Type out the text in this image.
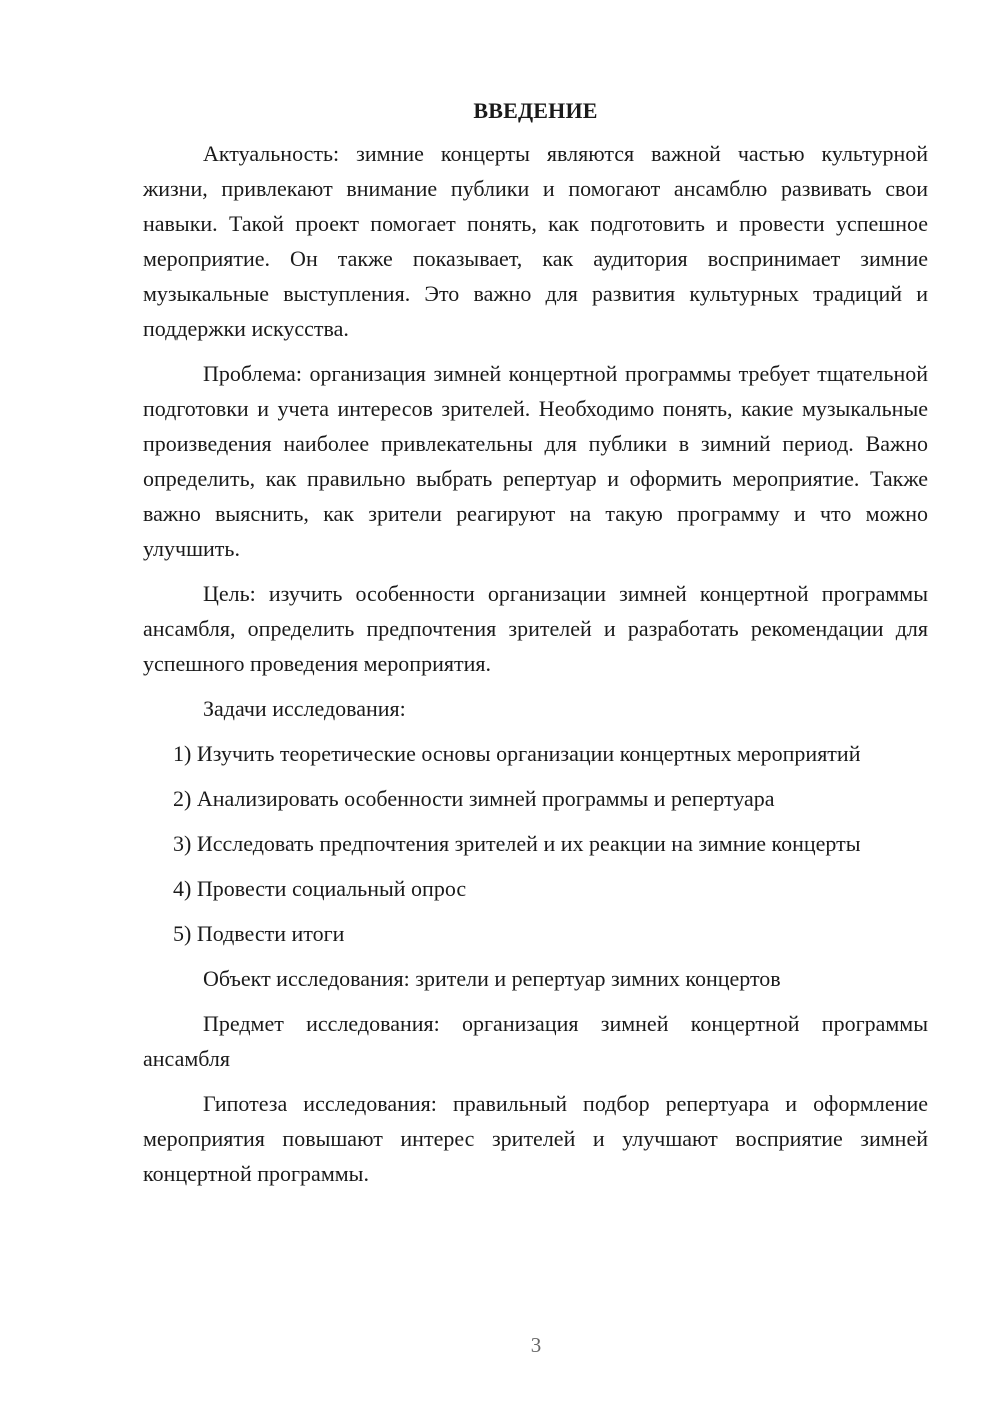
ВВЕДЕНИЕ

Актуальность: зимние концерты являются важной частью культурной жизни, привлекают внимание публики и помогают ансамблю развивать свои навыки. Такой проект помогает понять, как подготовить и провести успешное мероприятие. Он также показывает, как аудитория воспринимает зимние музыкальные выступления. Это важно для развития культурных традиций и поддержки искусства.

Проблема: организация зимней концертной программы требует тщательной подготовки и учета интересов зрителей. Необходимо понять, какие музыкальные произведения наиболее привлекательны для публики в зимний период. Важно определить, как правильно выбрать репертуар и оформить мероприятие. Также важно выяснить, как зрители реагируют на такую программу и что можно улучшить.

Цель: изучить особенности организации зимней концертной программы ансамбля, определить предпочтения зрителей и разработать рекомендации для успешного проведения мероприятия.

Задачи исследования:

1) Изучить теоретические основы организации концертных мероприятий

2) Анализировать особенности зимней программы и репертуара

3) Исследовать предпочтения зрителей и их реакции на зимние концерты

4) Провести социальный опрос

5) Подвести итоги

Объект исследования: зрители и репертуар зимних концертов

Предмет исследования: организация зимней концертной программы ансамбля

Гипотеза исследования: правильный подбор репертуара и оформление мероприятия повышают интерес зрителей и улучшают восприятие зимней концертной программы.

3
